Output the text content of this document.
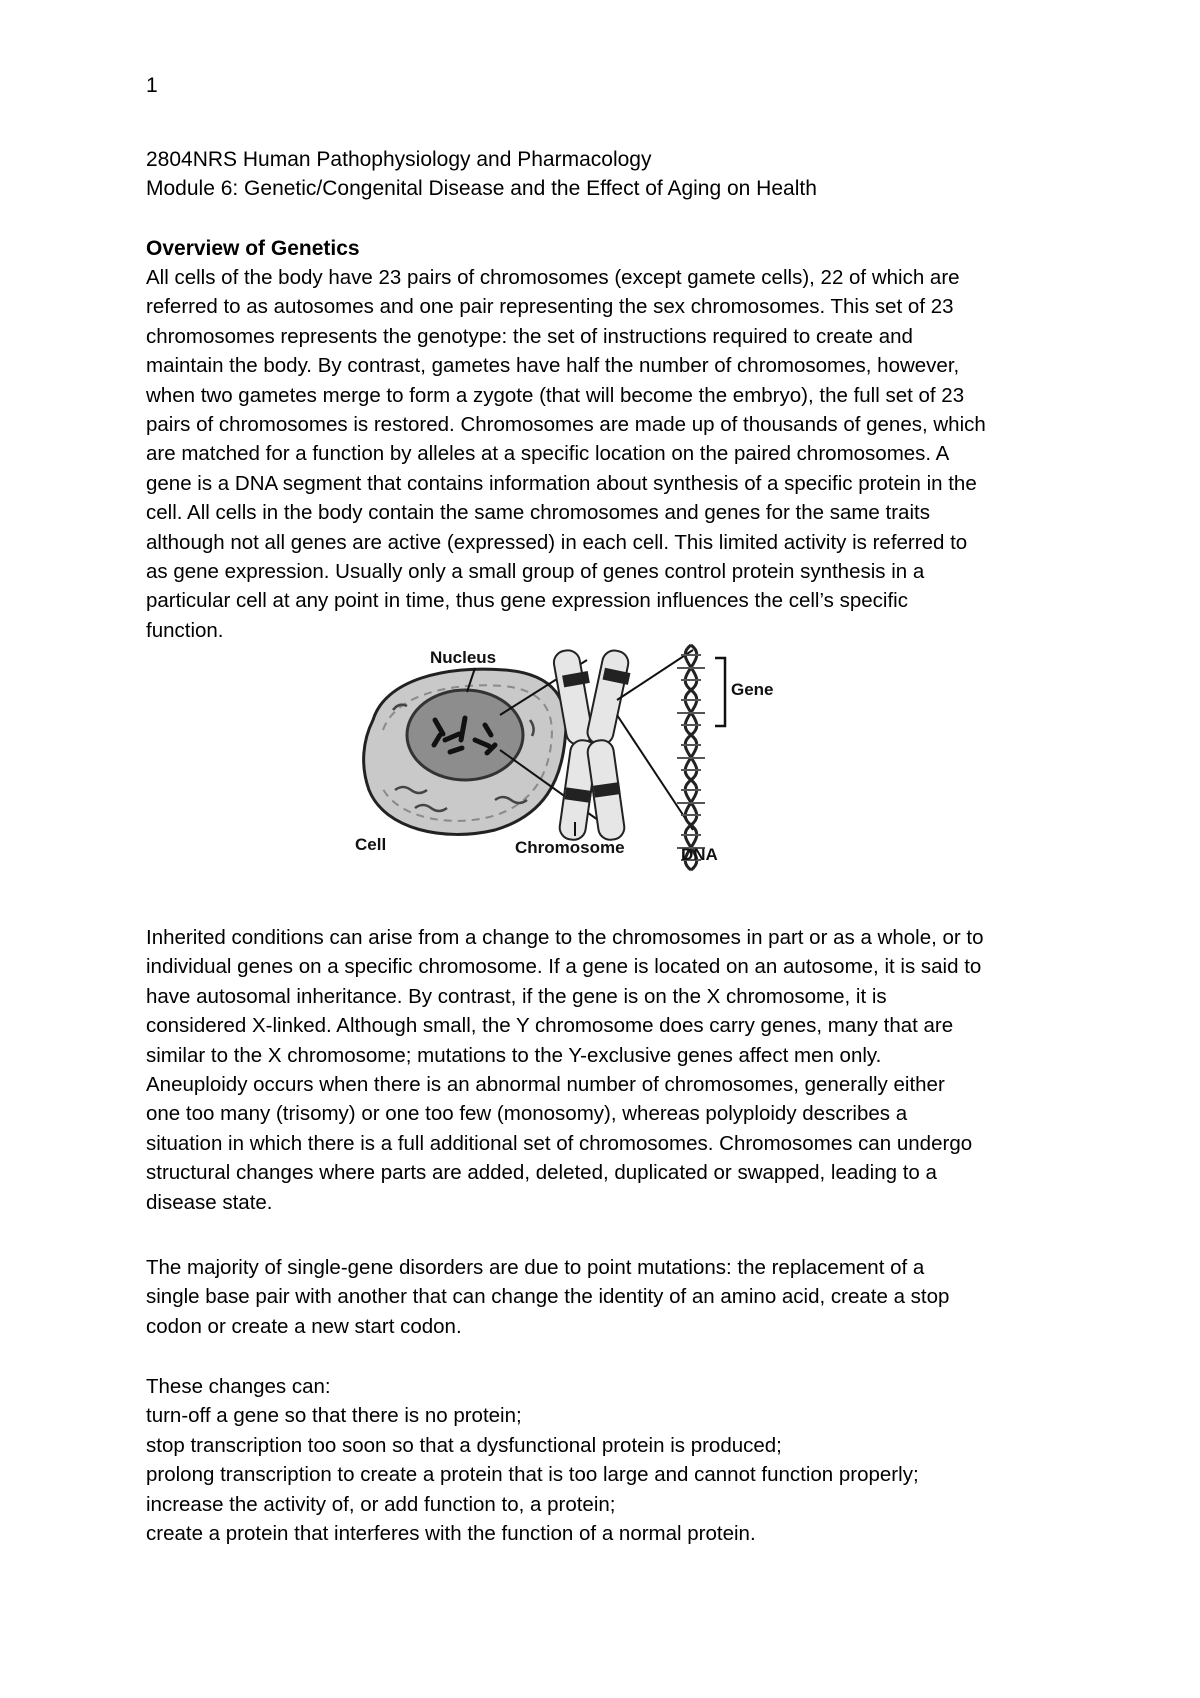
1
2804NRS Human Pathophysiology and Pharmacology
Module 6: Genetic/Congenital Disease and the Effect of Aging on Health
Overview of Genetics
All cells of the body have 23 pairs of chromosomes (except gamete cells), 22 of which are
referred to as autosomes and one pair representing the sex chromosomes. This set of 23
chromosomes represents the genotype: the set of instructions required to create and
maintain the body. By contrast, gametes have half the number of chromosomes, however,
when two gametes merge to form a zygote (that will become the embryo), the full set of 23
pairs of chromosomes is restored. Chromosomes are made up of thousands of genes, which
are matched for a function by alleles at a specific location on the paired chromosomes. A
gene is a DNA segment that contains information about synthesis of a specific protein in the
cell. All cells in the body contain the same chromosomes and genes for the same traits
although not all genes are active (expressed) in each cell. This limited activity is referred to
as gene expression. Usually only a small group of genes control protein synthesis in a
particular cell at any point in time, thus gene expression influences the cell’s specific
function.
Nucleus
Gene
Cell	Chromosome	DNA
Inherited conditions can arise from a change to the chromosomes in part or as a whole, or to
individual genes on a specific chromosome. If a gene is located on an autosome, it is said to
have autosomal inheritance. By contrast, if the gene is on the X chromosome, it is
considered X-linked. Although small, the Y chromosome does carry genes, many that are
similar to the X chromosome; mutations to the Y-exclusive genes affect men only.
Aneuploidy occurs when there is an abnormal number of chromosomes, generally either
one too many (trisomy) or one too few (monosomy), whereas polyploidy describes a
situation in which there is a full additional set of chromosomes. Chromosomes can undergo
structural changes where parts are added, deleted, duplicated or swapped, leading to a
disease state.
The majority of single-gene disorders are due to point mutations: the replacement of a
single base pair with another that can change the identity of an amino acid, create a stop
codon or create a new start codon.
These changes can:
turn-off a gene so that there is no protein;
stop transcription too soon so that a dysfunctional protein is produced;
prolong transcription to create a protein that is too large and cannot function properly;
increase the activity of, or add function to, a protein;
create a protein that interferes with the function of a normal protein.
